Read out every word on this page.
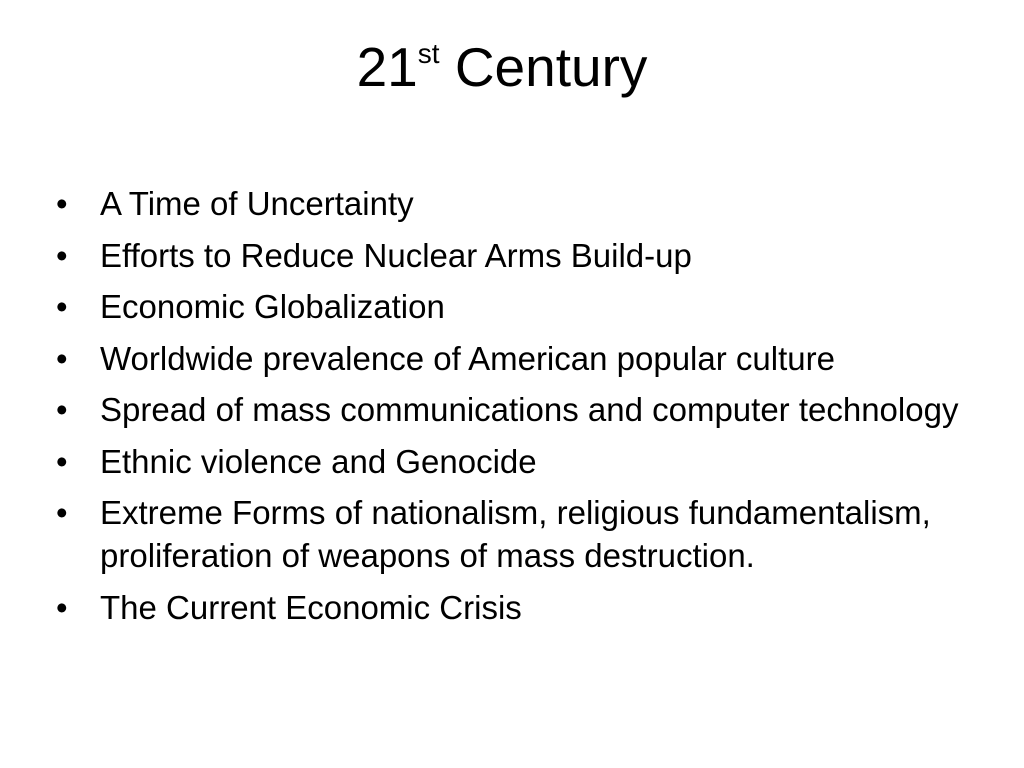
21st Century
• A Time of Uncertainty
• Efforts to Reduce Nuclear Arms Build-up
• Economic Globalization
• Worldwide prevalence of American popular culture
• Spread of mass communications and computer technology
• Ethnic violence and Genocide
• Extreme Forms of nationalism, religious fundamentalism, proliferation of weapons of mass destruction.
• The Current Economic Crisis
